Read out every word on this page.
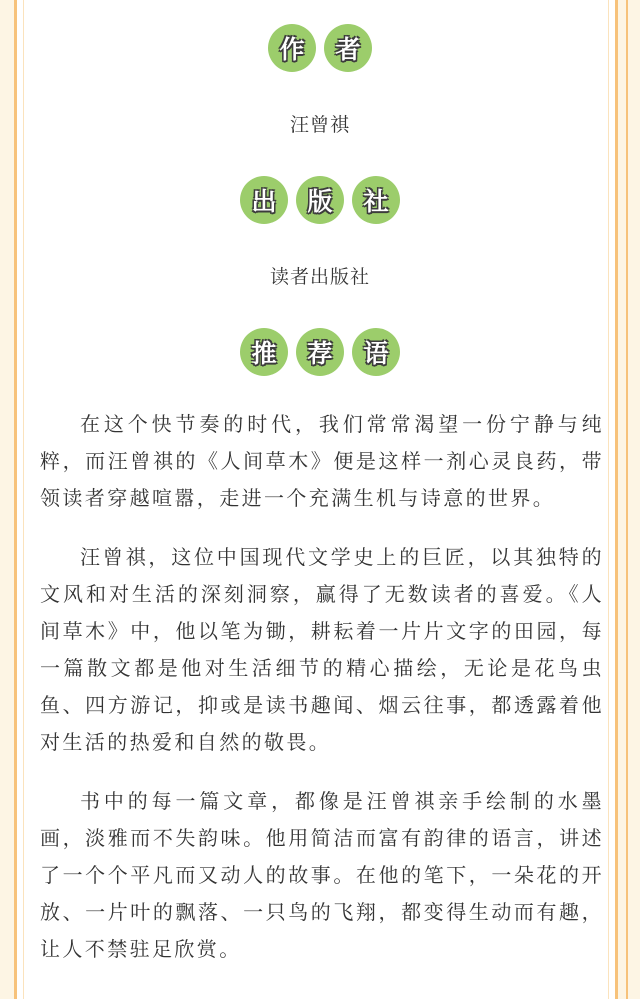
作	者
汪曾祺
出	版	社
读者出版社
推	荐	语

在这个快节奏的时代，我们常常渴望一份宁静与纯粹，而汪曾祺的《人间草木》便是这样一剂心灵良药，带领读者穿越喧嚣，走进一个充满生机与诗意的世界。

汪曾祺，这位中国现代文学史上的巨匠，以其独特的文风和对生活的深刻洞察，赢得了无数读者的喜爱。《人间草木》中，他以笔为锄，耕耘着一片片文字的田园，每一篇散文都是他对生活细节的精心描绘，无论是花鸟虫鱼、四方游记，抑或是读书趣闻、烟云往事，都透露着他对生活的热爱和自然的敬畏。

书中的每一篇文章，都像是汪曾祺亲手绘制的水墨画，淡雅而不失韵味。他用简洁而富有韵律的语言，讲述了一个个平凡而又动人的故事。在他的笔下，一朵花的开放、一片叶的飘落、一只鸟的飞翔，都变得生动而有趣，让人不禁驻足欣赏。
